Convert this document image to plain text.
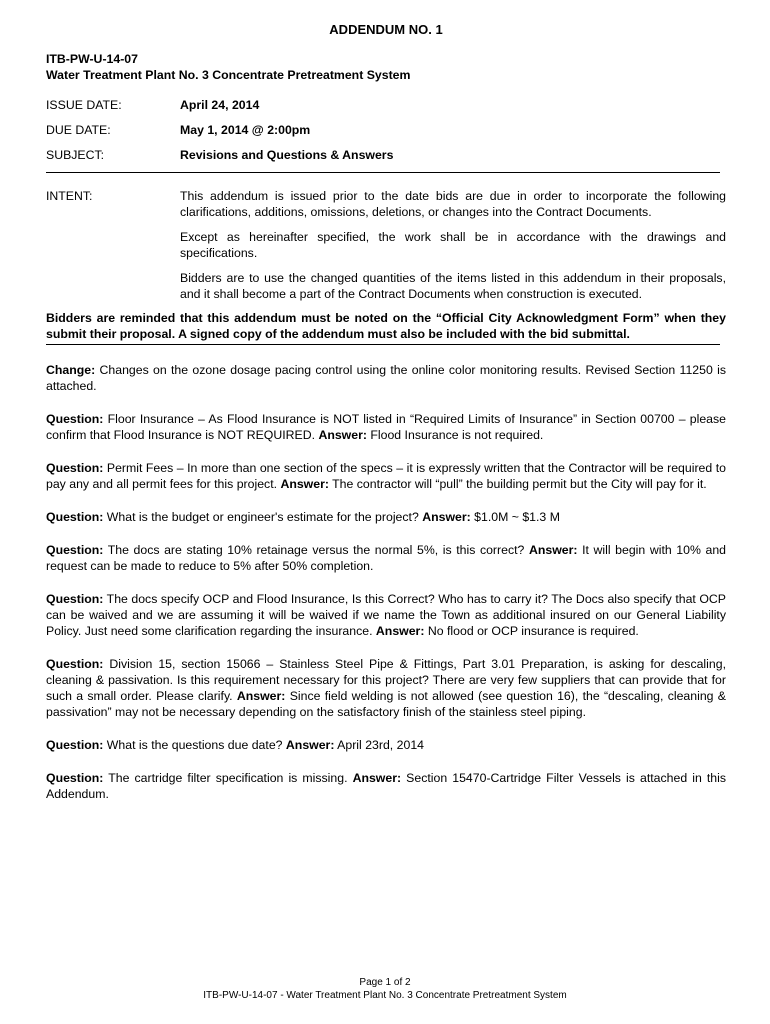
ADDENDUM NO. 1
ITB-PW-U-14-07
Water Treatment Plant No. 3 Concentrate Pretreatment System
ISSUE DATE:	April 24, 2014
DUE DATE:	May 1, 2014 @ 2:00pm
SUBJECT:	Revisions and Questions & Answers
INTENT:	This addendum is issued prior to the date bids are due in order to incorporate the following clarifications, additions, omissions, deletions, or changes into the Contract Documents.

Except as hereinafter specified, the work shall be in accordance with the drawings and specifications.

Bidders are to use the changed quantities of the items listed in this addendum in their proposals, and it shall become a part of the Contract Documents when construction is executed.

Bidders are reminded that this addendum must be noted on the “Official City Acknowledgment Form” when they submit their proposal. A signed copy of the addendum must also be included with the bid submittal.

Change: Changes on the ozone dosage pacing control using the online color monitoring results. Revised Section 11250 is attached.

Question: Floor Insurance – As Flood Insurance is NOT listed in “Required Limits of Insurance” in Section 00700 – please confirm that Flood Insurance is NOT REQUIRED. Answer: Flood Insurance is not required.

Question: Permit Fees – In more than one section of the specs – it is expressly written that the Contractor will be required to pay any and all permit fees for this project. Answer: The contractor will “pull” the building permit but the City will pay for it.

Question: What is the budget or engineer's estimate for the project? Answer: $1.0M ~ $1.3 M

Question: The docs are stating 10% retainage versus the normal 5%, is this correct? Answer: It will begin with 10% and request can be made to reduce to 5% after 50% completion.

Question: The docs specify OCP and Flood Insurance, Is this Correct? Who has to carry it? The Docs also specify that OCP can be waived and we are assuming it will be waived if we name the Town as additional insured on our General Liability Policy. Just need some clarification regarding the insurance. Answer: No flood or OCP insurance is required.

Question: Division 15, section 15066 – Stainless Steel Pipe & Fittings, Part 3.01 Preparation, is asking for descaling, cleaning & passivation. Is this requirement necessary for this project? There are very few suppliers that can provide that for such a small order. Please clarify. Answer: Since field welding is not allowed (see question 16), the “descaling, cleaning & passivation” may not be necessary depending on the satisfactory finish of the stainless steel piping.

Question: What is the questions due date? Answer: April 23rd, 2014

Question: The cartridge filter specification is missing. Answer: Section 15470-Cartridge Filter Vessels is attached in this Addendum.

Page 1 of 2
ITB-PW-U-14-07 - Water Treatment Plant No. 3 Concentrate Pretreatment System
